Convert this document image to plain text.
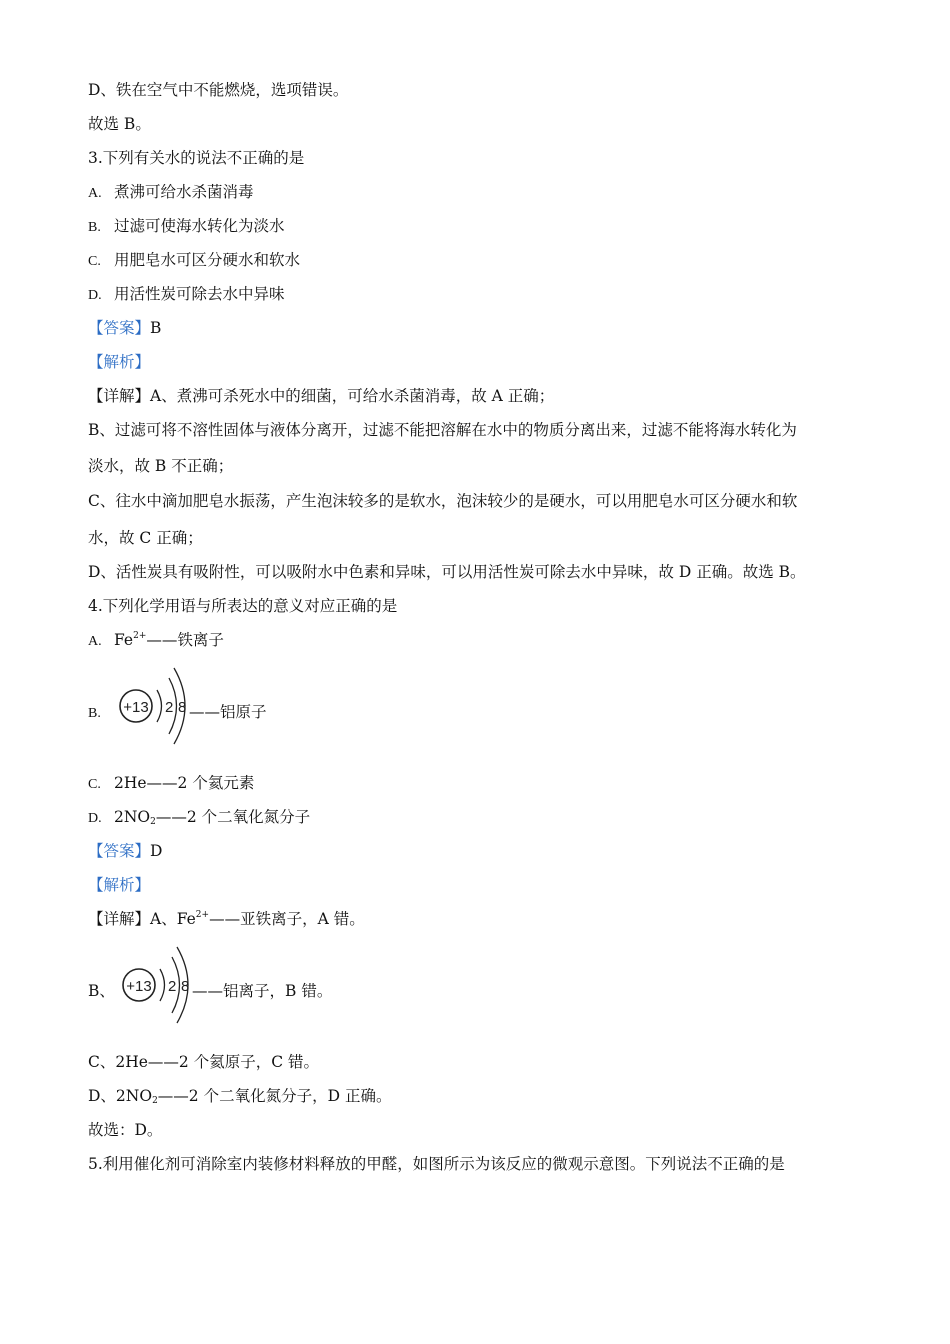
D、铁在空气中不能燃烧，选项错误。
故选 B。
3.下列有关水的说法不正确的是
A. 煮沸可给水杀菌消毒
B. 过滤可使海水转化为淡水
C. 用肥皂水可区分硬水和软水
D. 用活性炭可除去水中异味
【答案】B
【解析】
【详解】A、煮沸可杀死水中的细菌，可给水杀菌消毒，故 A 正确；
B、过滤可将不溶性固体与液体分离开，过滤不能把溶解在水中的物质分离出来，过滤不能将海水转化为
淡水，故 B 不正确；
C、往水中滴加肥皂水振荡，产生泡沫较多的是软水，泡沫较少的是硬水，可以用肥皂水可区分硬水和软
水，故 C 正确；
D、活性炭具有吸附性，可以吸附水中色素和异味，可以用活性炭可除去水中异味，故 D 正确。故选 B。
4.下列化学用语与所表达的意义对应正确的是
A. $Fe^{2+}——$铁离子
B.	+13 2 8 ——铝原子
C. 2He——2 个氦元素
D. $2NO_2——2$ 个二氧化氮分子
【答案】D
【解析】
【详解】A、$Fe^{2+}——$亚铁离子，A 错。
B、 +13 2 8 ——铝离子，B 错。
C、2He——2 个氦原子，C 错。
D、$2NO_2——2$ 个二氧化氮分子，D 正确。
故选：D。
5.利用催化剂可消除室内装修材料释放的甲醛，如图所示为该反应的微观示意图。下列说法不正确的是
